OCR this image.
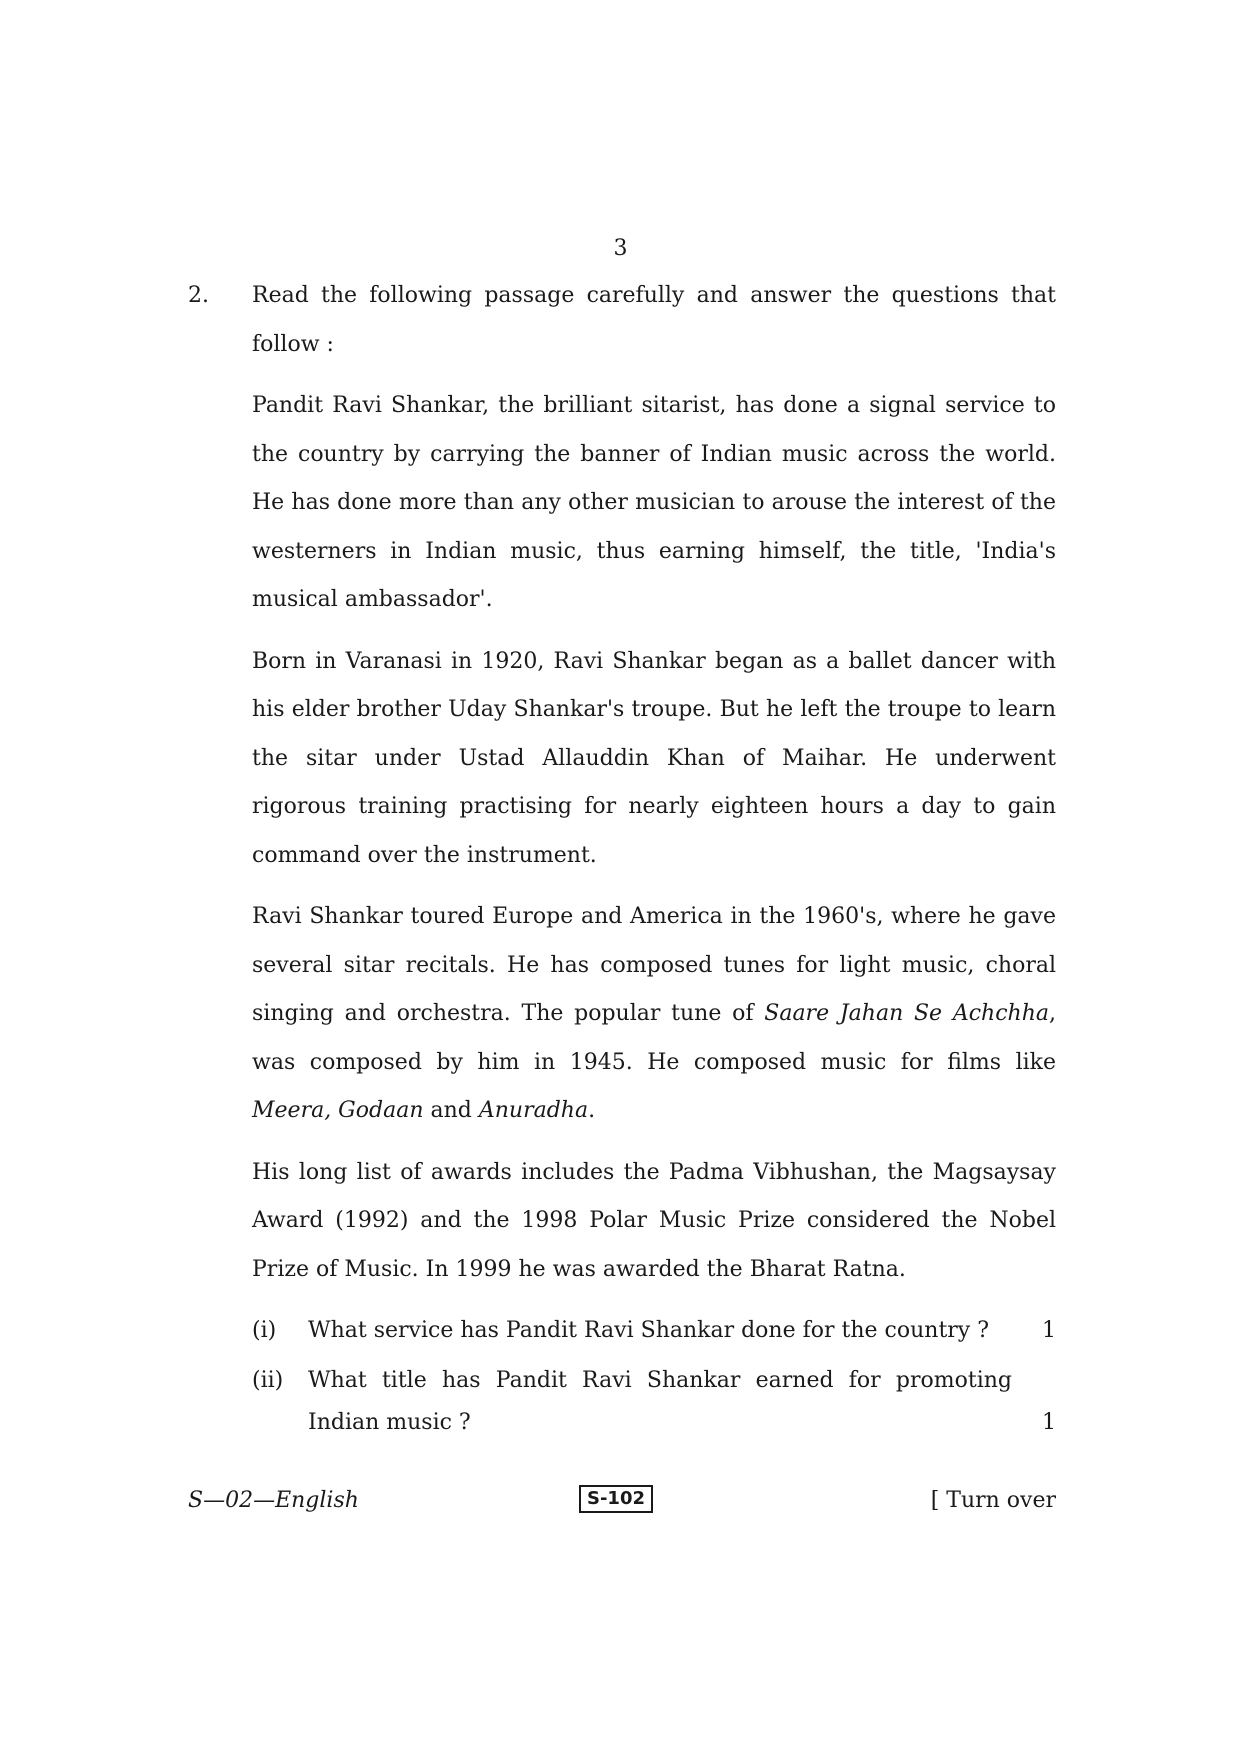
3
2. Read the following passage carefully and answer the questions that follow :

Pandit Ravi Shankar, the brilliant sitarist, has done a signal service to the country by carrying the banner of Indian music across the world. He has done more than any other musician to arouse the interest of the westerners in Indian music, thus earning himself, the title, 'India's musical ambassador'.

Born in Varanasi in 1920, Ravi Shankar began as a ballet dancer with his elder brother Uday Shankar's troupe. But he left the troupe to learn the sitar under Ustad Allauddin Khan of Maihar. He underwent rigorous training practising for nearly eighteen hours a day to gain command over the instrument.

Ravi Shankar toured Europe and America in the 1960's, where he gave several sitar recitals. He has composed tunes for light music, choral singing and orchestra. The popular tune of Saare Jahan Se Achchha, was composed by him in 1945. He composed music for films like Meera, Godaan and Anuradha.

His long list of awards includes the Padma Vibhushan, the Magsaysay Award (1992) and the 1998 Polar Music Prize considered the Nobel Prize of Music. In 1999 he was awarded the Bharat Ratna.

(i) What service has Pandit Ravi Shankar done for the country ?	1
(ii) What title has Pandit Ravi Shankar earned for promoting Indian music ?	1
S—02—English	S-102	[ Turn over
